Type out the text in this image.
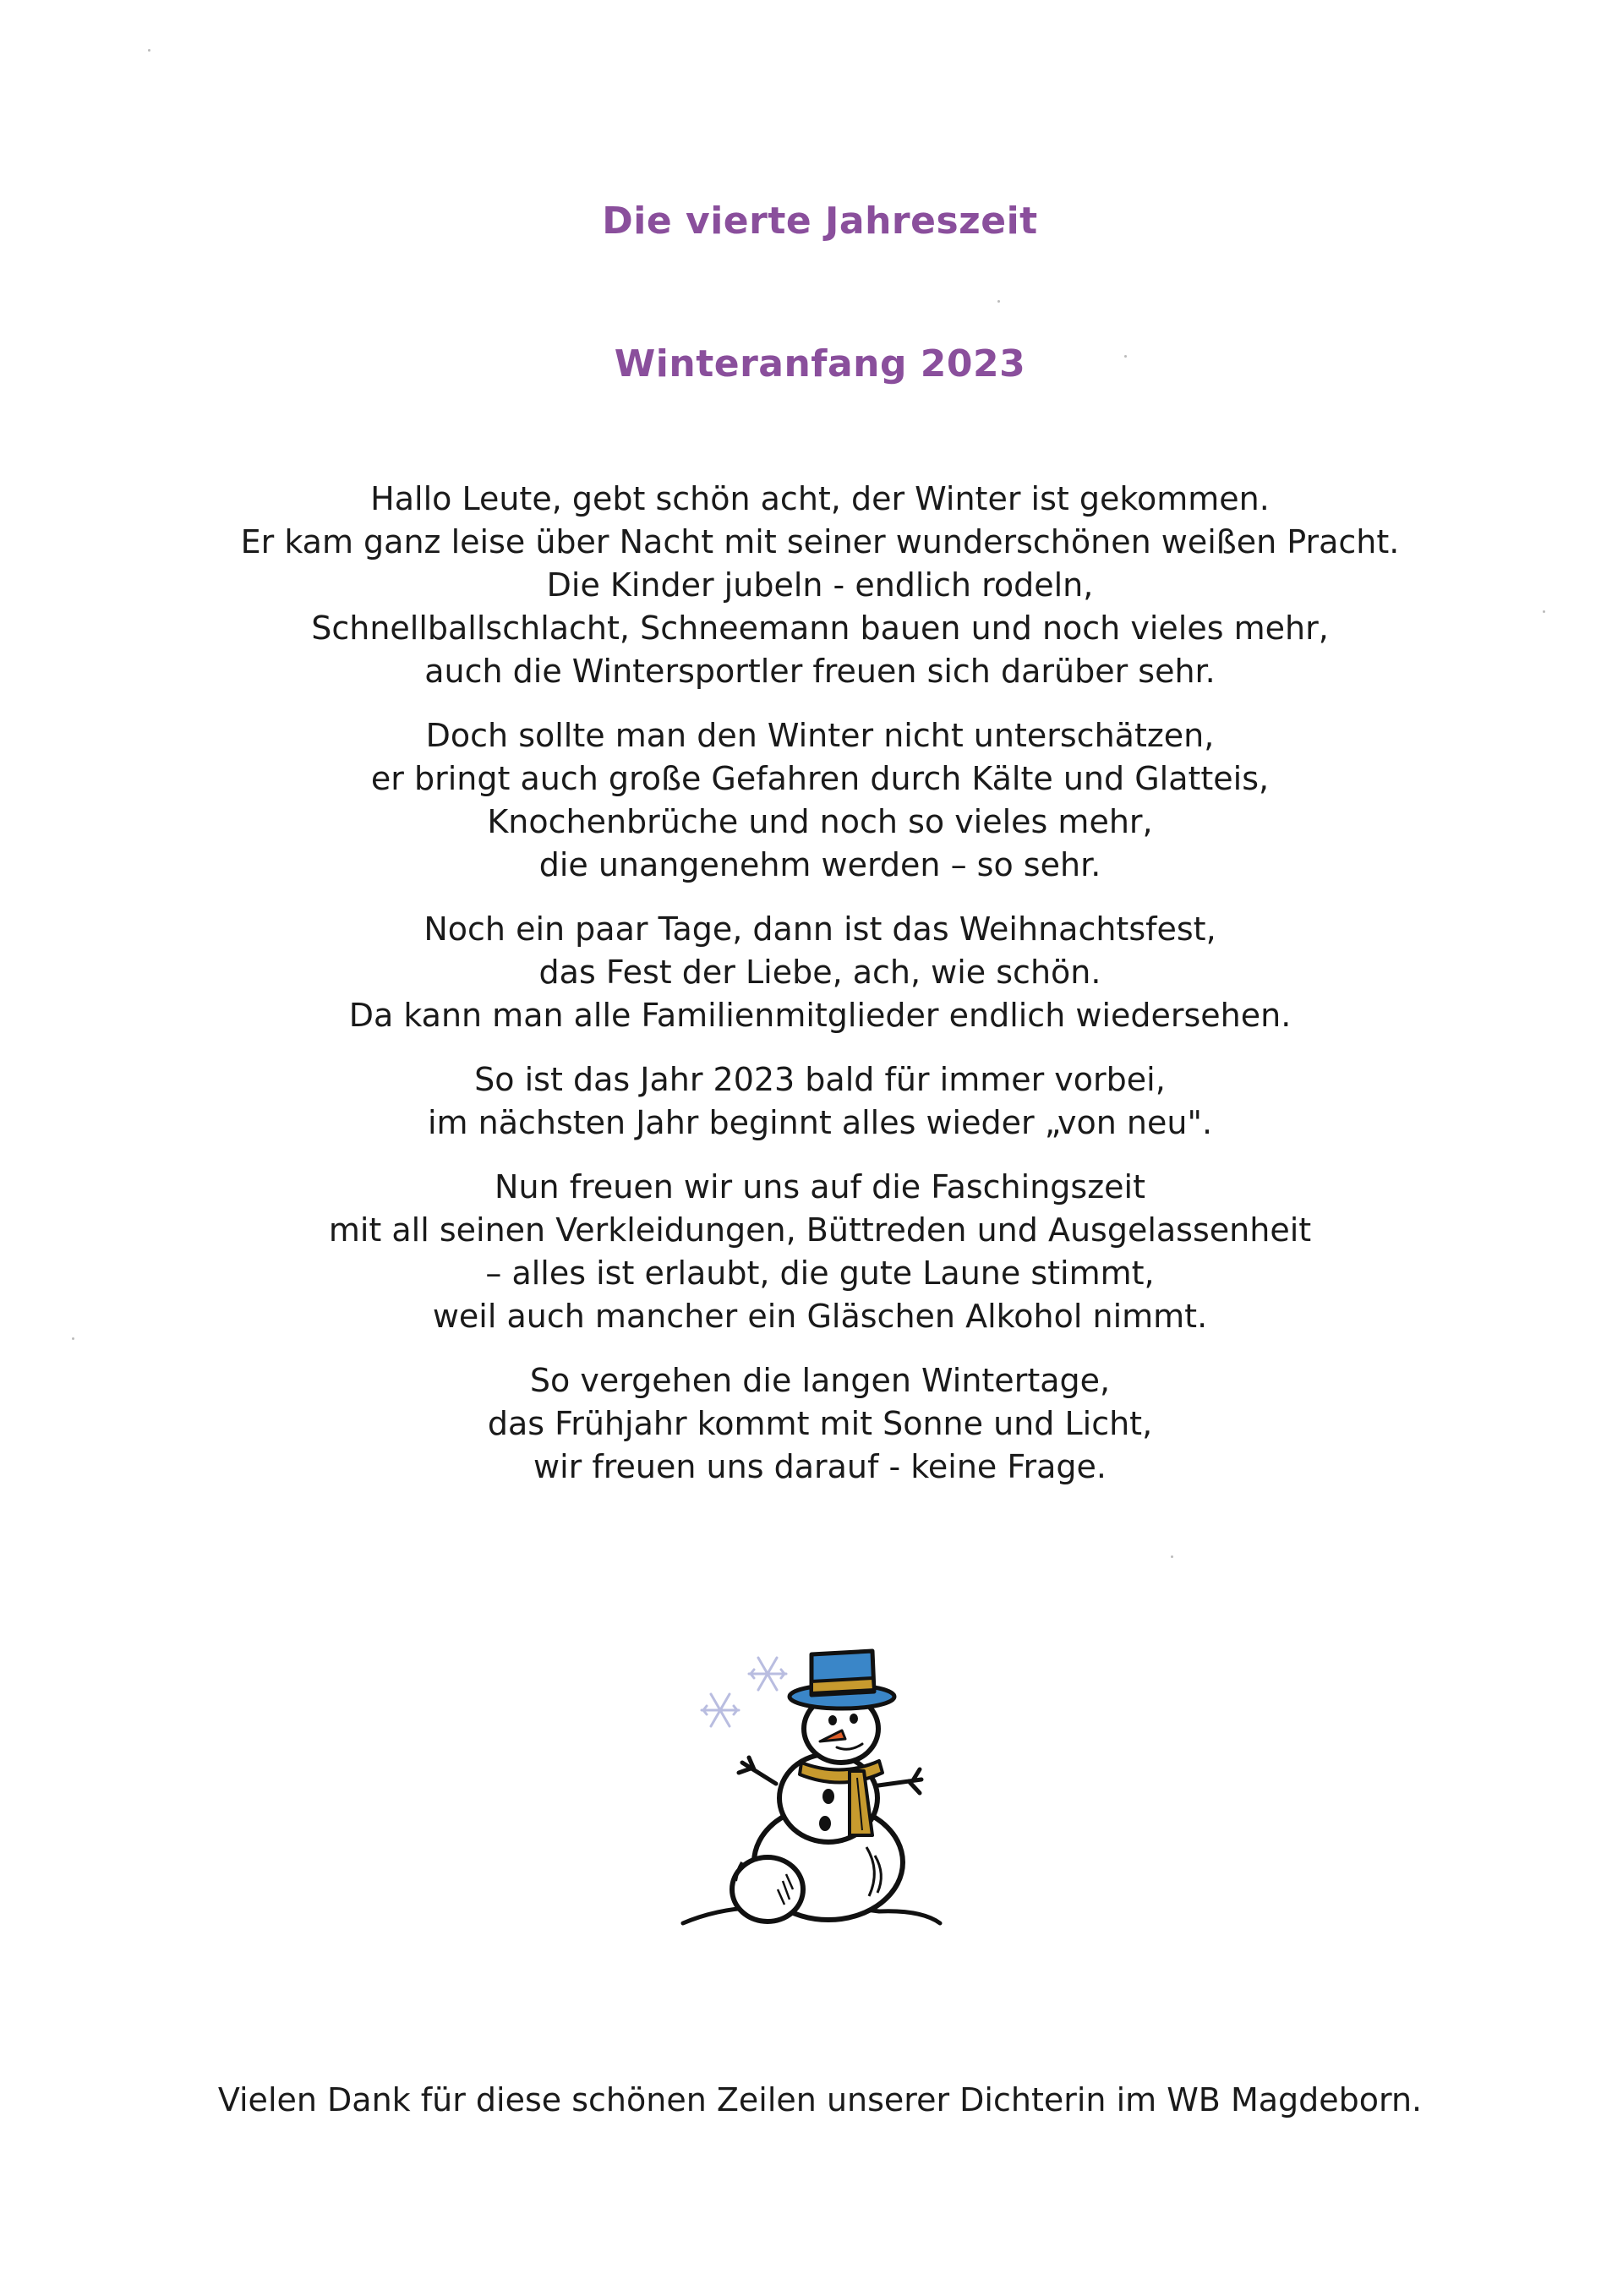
Die vierte Jahreszeit
Winteranfang 2023
Hallo Leute, gebt schön acht, der Winter ist gekommen.
Er kam ganz leise über Nacht mit seiner wunderschönen weißen Pracht.
Die Kinder jubeln - endlich rodeln,
Schnellballschlacht, Schneemann bauen und noch vieles mehr,
auch die Wintersportler freuen sich darüber sehr.
Doch sollte man den Winter nicht unterschätzen,
er bringt auch große Gefahren durch Kälte und Glatteis,
Knochenbrüche und noch so vieles mehr,
die unangenehm werden – so sehr.
Noch ein paar Tage, dann ist das Weihnachtsfest,
das Fest der Liebe, ach, wie schön.
Da kann man alle Familienmitglieder endlich wiedersehen.
So ist das Jahr 2023 bald für immer vorbei,
im nächsten Jahr beginnt alles wieder „von neu".
Nun freuen wir uns auf die Faschingszeit
mit all seinen Verkleidungen, Büttreden und Ausgelassenheit
– alles ist erlaubt, die gute Laune stimmt,
weil auch mancher ein Gläschen Alkohol nimmt.
So vergehen die langen Wintertage,
das Frühjahr kommt mit Sonne und Licht,
wir freuen uns darauf - keine Frage.
Vielen Dank für diese schönen Zeilen unserer Dichterin im WB Magdeborn.
